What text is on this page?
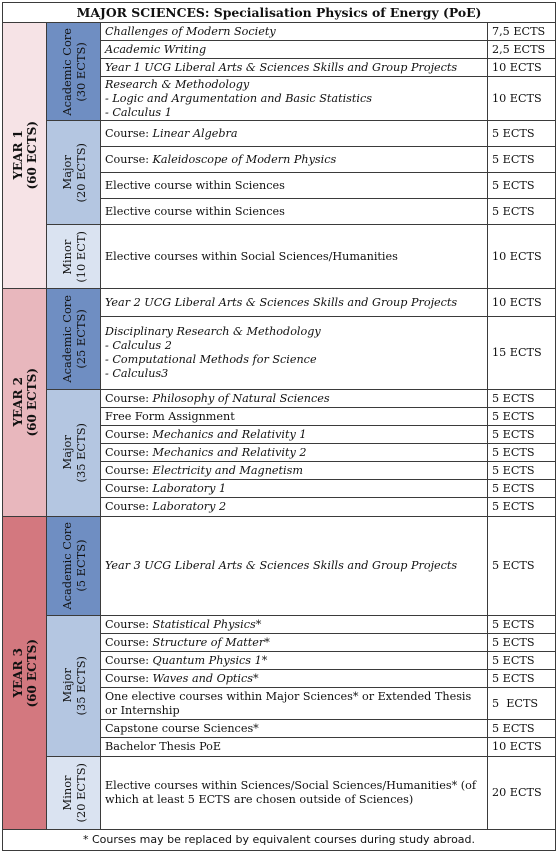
MAJOR SCIENCES: Specialisation Physics of Energy (PoE)			

YEAR 1 (60 ECTS)	Academic Core (30 ECTS)	Challenges of Modern Society	7,5 ECTS
		Academic Writing	2,5 ECTS
		Year 1 UCG Liberal Arts & Sciences Skills and Group Projects	10 ECTS

		Research & Methodology
- Logic and Argumentation and Basic Statistics
- Calculus 1	10 ECTS

	Major (20 ECTS)	Course: Linear Algebra	5 ECTS
		Course: Kaleidoscope of Modern Physics	5 ECTS
		Elective course within Sciences	5 ECTS
		Elective course within Sciences	5 ECTS

	Minor (10 ECT)	Elective courses within Social Sciences/Humanities	10 ECTS

YEAR 2 (60 ECTS)	Academic Core (25 ECTS)	Year 2 UCG Liberal Arts & Sciences Skills and Group Projects	10 ECTS

		Disciplinary Research & Methodology
- Calculus 2
- Computational Methods for Science
- Calculus3	15 ECTS

	Major (35 ECTS)	Course: Philosophy of Natural Sciences	5 ECTS
		Free Form Assignment	5 ECTS
		Course: Mechanics and Relativity 1	5 ECTS
		Course: Mechanics and Relativity 2	5 ECTS
		Course: Electricity and Magnetism	5 ECTS
		Course: Laboratory 1	5 ECTS
		Course: Laboratory 2	5 ECTS

YEAR 3 (60 ECTS)	Academic Core (5 ECTS)	Year 3 UCG Liberal Arts & Sciences Skills and Group Projects	5 ECTS

	Major (35 ECTS)	Course: Statistical Physics*	5 ECTS
		Course: Structure of Matter*	5 ECTS
		Course: Quantum Physics 1*	5 ECTS
		Course: Waves and Optics*	5 ECTS
		One elective courses within Major Sciences* or Extended Thesis or Internship	5  ECTS
		Capstone course Sciences*	5 ECTS
		Bachelor Thesis PoE	10 ECTS

	Minor (20 ECTS)	Elective courses within Sciences/Social Sciences/Humanities* (of which at least 5 ECTS are chosen outside of Sciences)	20 ECTS
* Courses may be replaced by equivalent courses during study abroad.			
